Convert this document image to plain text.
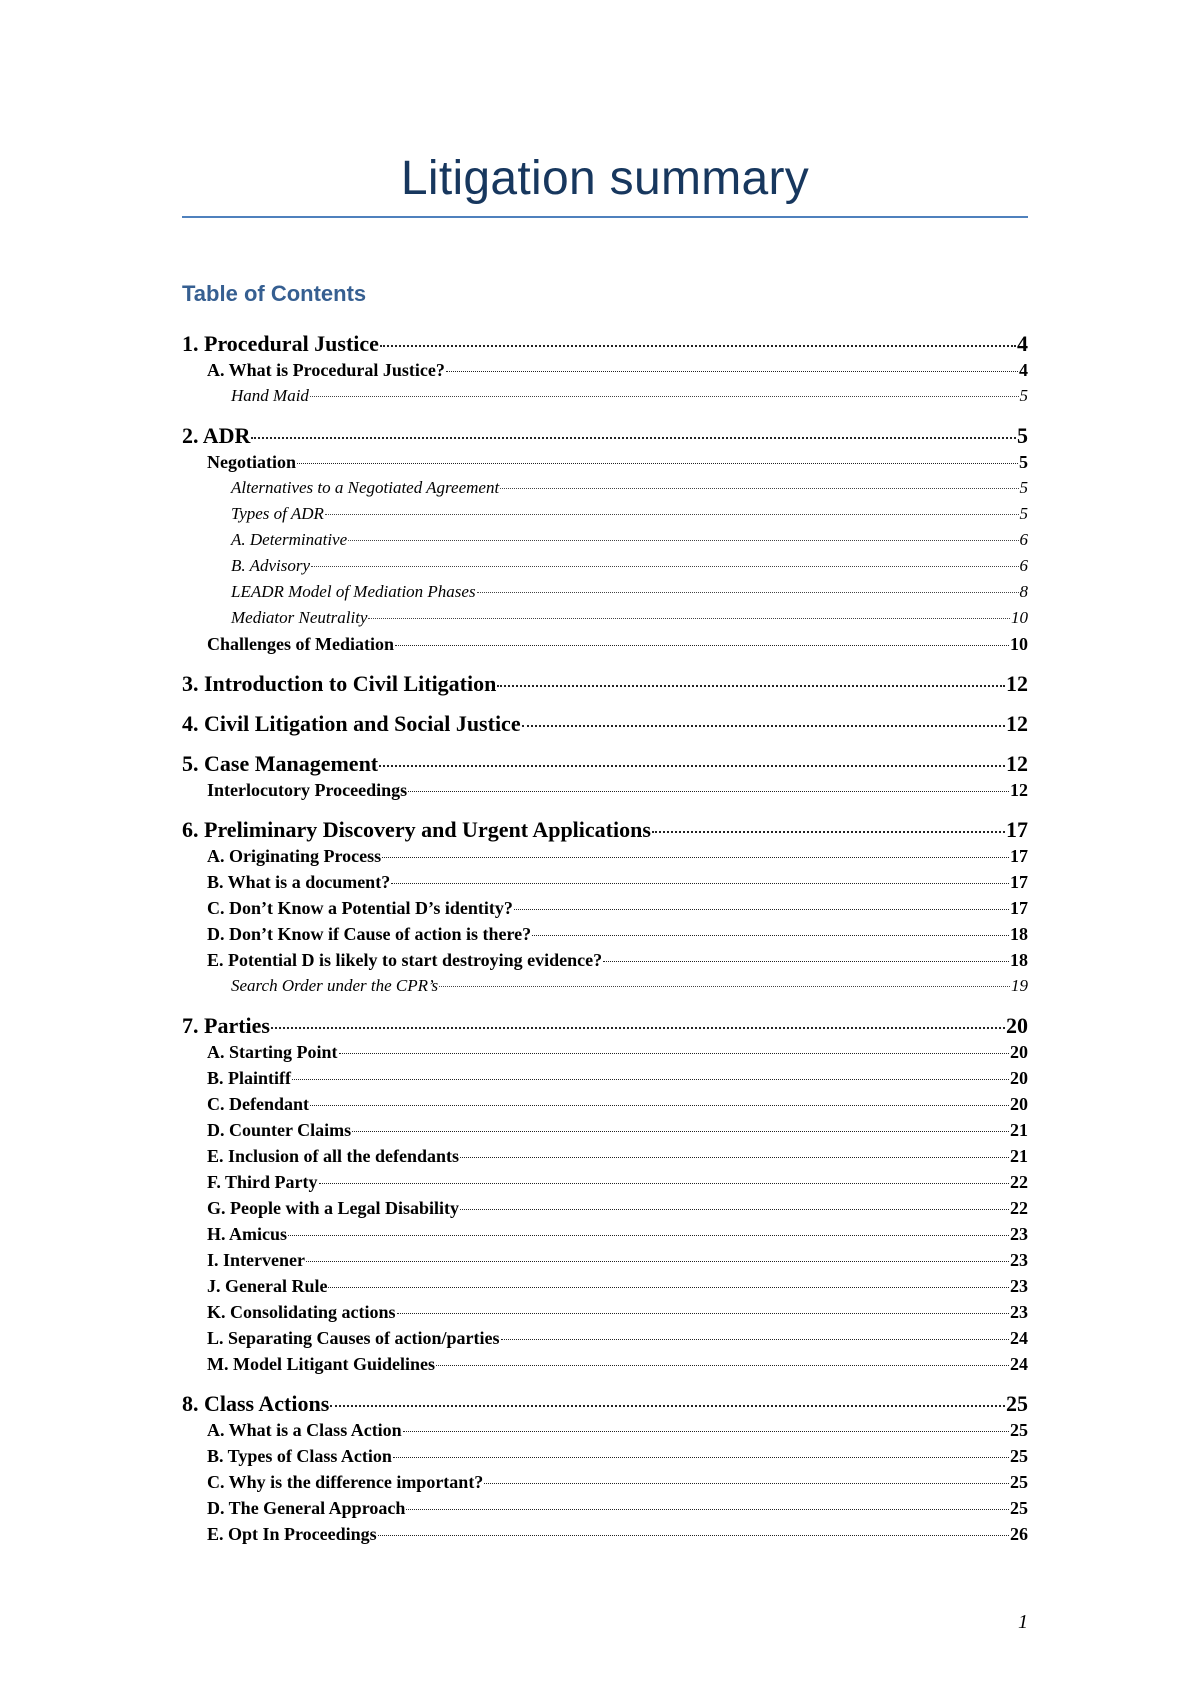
Litigation summary
Table of Contents
1. Procedural Justice	4
A. What is Procedural Justice?	4
Hand Maid	5
2. ADR	5
Negotiation	5
Alternatives to a Negotiated Agreement	5
Types of ADR	5
A. Determinative	6
B. Advisory	6
LEADR Model of Mediation Phases	8
Mediator Neutrality	10
Challenges of Mediation	10
3. Introduction to Civil Litigation	12
4. Civil Litigation and Social Justice	12
5. Case Management	12
Interlocutory Proceedings	12
6. Preliminary Discovery and Urgent Applications	17
A. Originating Process	17
B. What is a document?	17
C. Don’t Know a Potential D’s identity?	17
D. Don’t Know if Cause of action is there?	18
E. Potential D is likely to start destroying evidence?	18
Search Order under the CPR’s	19
7. Parties	20
A. Starting Point	20
B. Plaintiff	20
C. Defendant	20
D. Counter Claims	21
E. Inclusion of all the defendants	21
F. Third Party	22
G. People with a Legal Disability	22
H. Amicus	23
I. Intervener	23
J. General Rule	23
K. Consolidating actions	23
L. Separating Causes of action/parties	24
M. Model Litigant Guidelines	24
8. Class Actions	25
A. What is a Class Action	25
B. Types of Class Action	25
C. Why is the difference important?	25
D. The General Approach	25
E. Opt In Proceedings	26
1
